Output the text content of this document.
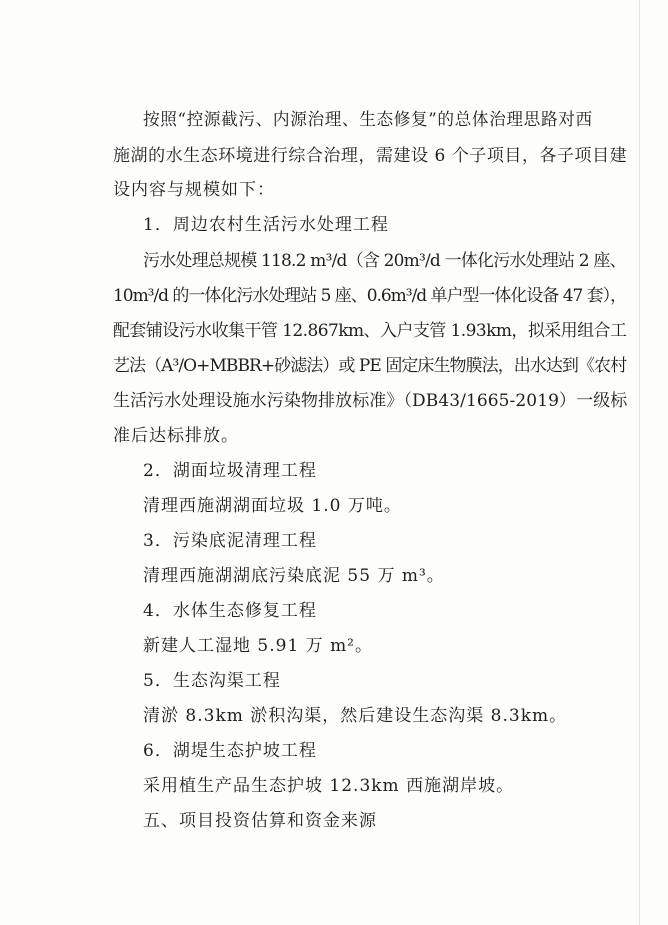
按照“控源截污、内源治理、生态修复”的总体治理思路对西
施湖的水生态环境进行综合治理，需建设 6 个子项目，各子项目建
设内容与规模如下：
1．周边农村生活污水处理工程
污水处理总规模 118.2 m³/d（含 20m³/d 一体化污水处理站 2 座、
10m³/d 的一体化污水处理站 5 座、0.6m³/d 单户型一体化设备 47 套），
配套铺设污水收集干管 12.867km、入户支管 1.93km，拟采用组合工
艺法（A³/O+MBBR+砂滤法）或 PE 固定床生物膜法，出水达到《农村
生活污水处理设施水污染物排放标准》（DB43/1665-2019）一级标
准后达标排放。
2．湖面垃圾清理工程
清理西施湖湖面垃圾 1.0 万吨。
3．污染底泥清理工程
清理西施湖湖底污染底泥 55 万 m³。
4．水体生态修复工程
新建人工湿地 5.91 万 m²。
5．生态沟渠工程
清淤 8.3km 淤积沟渠，然后建设生态沟渠 8.3km。
6．湖堤生态护坡工程
采用植生产品生态护坡 12.3km 西施湖岸坡。
五、项目投资估算和资金来源
